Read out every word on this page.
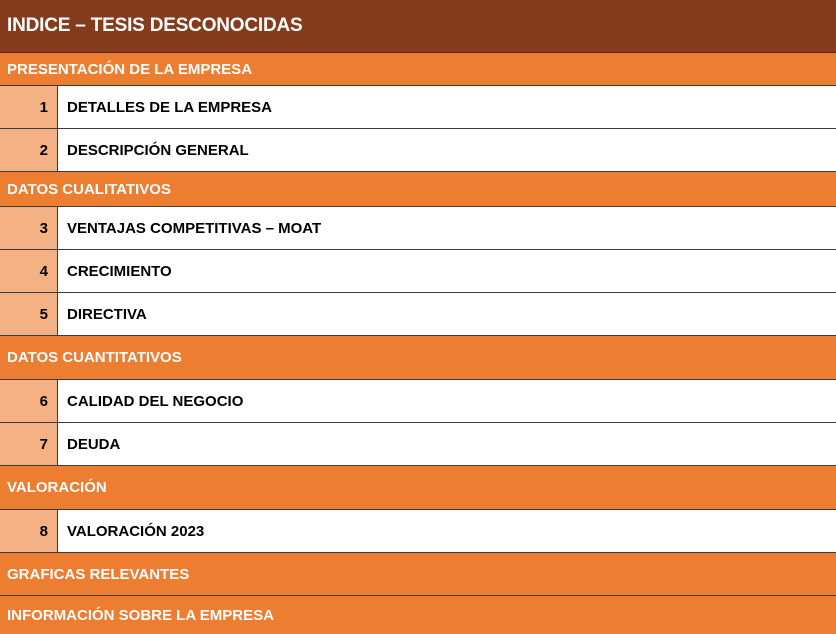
INDICE – TESIS DESCONOCIDAS
PRESENTACIÓN DE LA EMPRESA
1	DETALLES DE LA EMPRESA
2	DESCRIPCIÓN GENERAL
DATOS CUALITATIVOS
3	VENTAJAS COMPETITIVAS – MOAT
4	CRECIMIENTO
5	DIRECTIVA
DATOS CUANTITATIVOS
6	CALIDAD DEL NEGOCIO
7	DEUDA
VALORACIÓN
8	VALORACIÓN 2023
GRAFICAS RELEVANTES
INFORMACIÓN SOBRE LA EMPRESA
